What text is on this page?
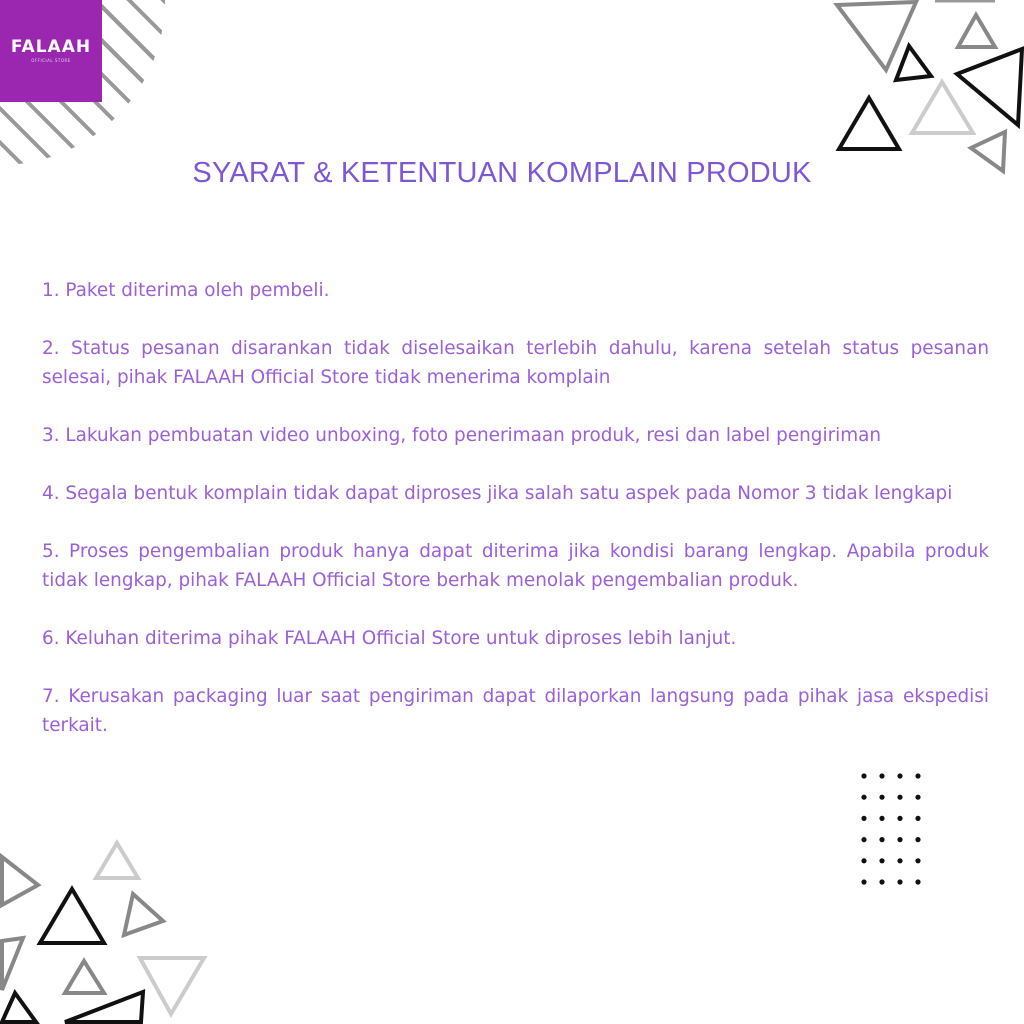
FALAAH
OFFICIAL STORE
SYARAT & KETENTUAN KOMPLAIN PRODUK
1. Paket diterima oleh pembeli.
2. Status pesanan disarankan tidak diselesaikan terlebih dahulu, karena setelah status pesanan selesai, pihak FALAAH Official Store tidak menerima komplain
3. Lakukan pembuatan video unboxing, foto penerimaan produk, resi dan label pengiriman
4. Segala bentuk komplain tidak dapat diproses jika salah satu aspek pada Nomor 3 tidak lengkapi
5. Proses pengembalian produk hanya dapat diterima jika kondisi barang lengkap. Apabila produk tidak lengkap, pihak FALAAH Official Store berhak menolak pengembalian produk.
6. Keluhan diterima pihak FALAAH Official Store untuk diproses lebih lanjut.
7. Kerusakan packaging luar saat pengiriman dapat dilaporkan langsung pada pihak jasa ekspedisi terkait.
